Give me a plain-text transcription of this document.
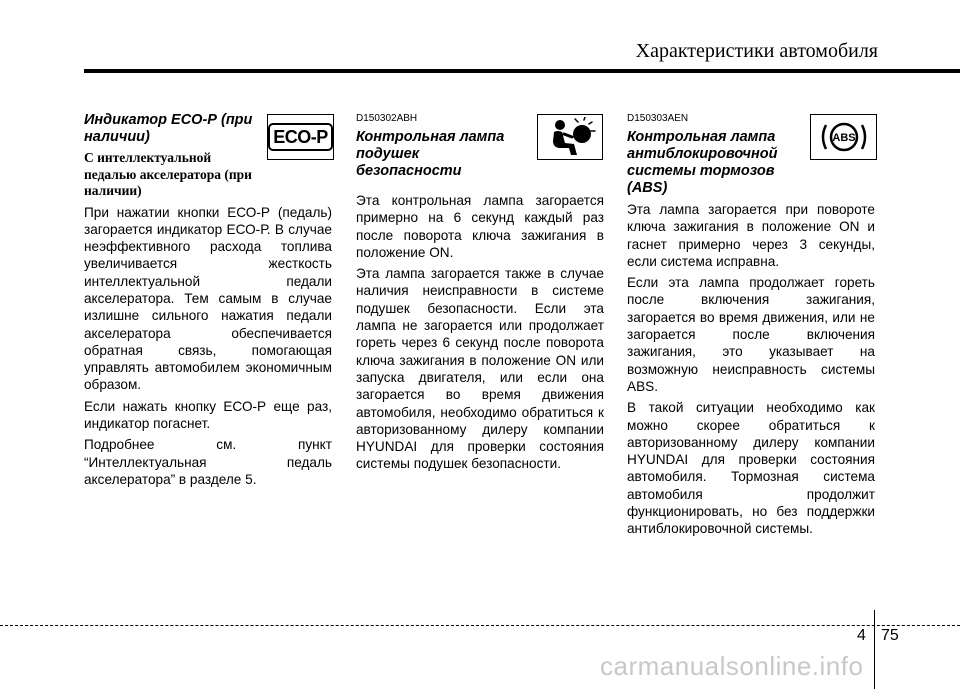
Характеристики автомобиля
Индикатор ЕСО-Р (при наличии)
С интеллектуальной педалью акселератора (при наличии)

При нажатии кнопки ЕСО-Р (педаль) загорается индикатор ЕСО-Р. В случае неэффективного расхода топлива увеличивается жесткость интеллектуальной педали акселератора. Тем самым в случае излишне сильного нажатия педали акселератора обеспечивается обратная связь, помогающая управлять автомобилем экономичным образом.

Если нажать кнопку ЕСО-Р еще раз, индикатор погаснет.

Подробнее см. пункт “Интеллектуальная педаль акселератора” в разделе 5.

ECO-P
D150302ABH
Контрольная лампа подушек безопасности

Эта контрольная лампа загорается примерно на 6 секунд каждый раз после поворота ключа зажигания в положение ON.

Эта лампа загорается также в случае наличия неисправности в системе подушек безопасности. Если эта лампа не загорается или продолжает гореть через 6 секунд после поворота ключа зажигания в положение ON или запуска двигателя, или если она загорается во время движения автомобиля, необходимо обратиться к авторизованному дилеру компании HYUNDAI для проверки состояния системы подушек безопасности.

D150303AEN
Контрольная лампа антиблокировочной системы тормозов (ABS)

Эта лампа загорается при повороте ключа зажигания в положение ON и гаснет примерно через 3 секунды, если система исправна.

Если эта лампа продолжает гореть после включения зажигания, загорается во время движения, или не загорается после включения зажигания, это указывает на возможную неисправность системы ABS.

В такой ситуации необходимо как можно скорее обратиться к авторизованному дилеру компании HYUNDAI для проверки состояния автомобиля. Тормозная система автомобиля продолжит функционировать, но без поддержки антиблокировочной системы.

ABS
4 75
carmanualsonline.info
